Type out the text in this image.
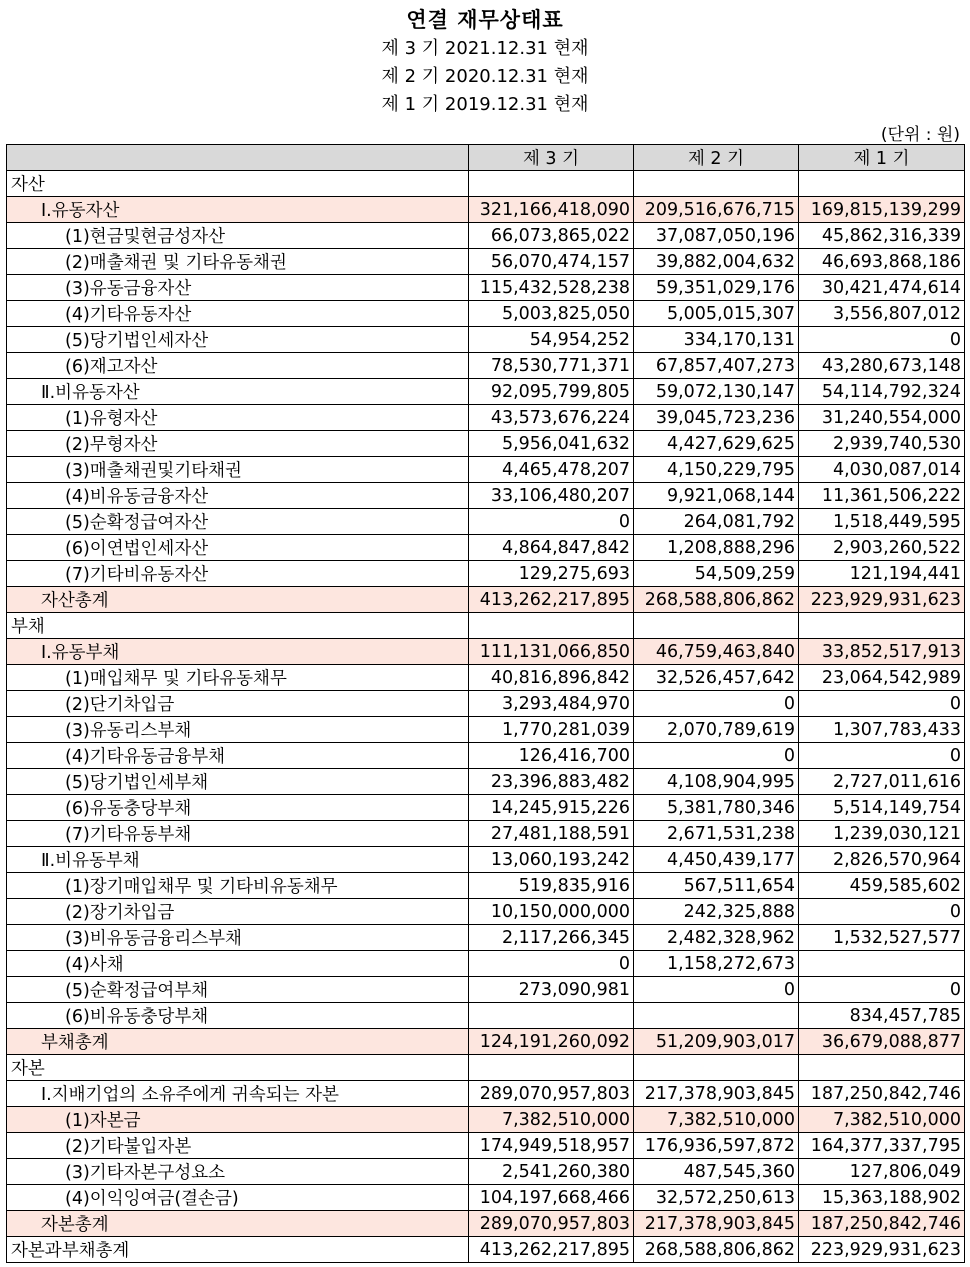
연결 재무상태표
제 3 기 2021.12.31 현재
제 2 기 2020.12.31 현재
제 1 기 2019.12.31 현재
(단위 : 원)
	제 3 기	제 2 기	제 1 기
자산			
Ⅰ.유동자산	321,166,418,090	209,516,676,715	169,815,139,299
(1)현금및현금성자산	66,073,865,022	37,087,050,196	45,862,316,339
(2)매출채권 및 기타유동채권	56,070,474,157	39,882,004,632	46,693,868,186
(3)유동금융자산	115,432,528,238	59,351,029,176	30,421,474,614
(4)기타유동자산	5,003,825,050	5,005,015,307	3,556,807,012
(5)당기법인세자산	54,954,252	334,170,131	0
(6)재고자산	78,530,771,371	67,857,407,273	43,280,673,148
Ⅱ.비유동자산	92,095,799,805	59,072,130,147	54,114,792,324
(1)유형자산	43,573,676,224	39,045,723,236	31,240,554,000
(2)무형자산	5,956,041,632	4,427,629,625	2,939,740,530
(3)매출채권및기타채권	4,465,478,207	4,150,229,795	4,030,087,014
(4)비유동금융자산	33,106,480,207	9,921,068,144	11,361,506,222
(5)순확정급여자산	0	264,081,792	1,518,449,595
(6)이연법인세자산	4,864,847,842	1,208,888,296	2,903,260,522
(7)기타비유동자산	129,275,693	54,509,259	121,194,441
자산총계	413,262,217,895	268,588,806,862	223,929,931,623
부채			
Ⅰ.유동부채	111,131,066,850	46,759,463,840	33,852,517,913
(1)매입채무 및 기타유동채무	40,816,896,842	32,526,457,642	23,064,542,989
(2)단기차입금	3,293,484,970	0	0
(3)유동리스부채	1,770,281,039	2,070,789,619	1,307,783,433
(4)기타유동금융부채	126,416,700	0	0
(5)당기법인세부채	23,396,883,482	4,108,904,995	2,727,011,616
(6)유동충당부채	14,245,915,226	5,381,780,346	5,514,149,754
(7)기타유동부채	27,481,188,591	2,671,531,238	1,239,030,121
Ⅱ.비유동부채	13,060,193,242	4,450,439,177	2,826,570,964
(1)장기매입채무 및 기타비유동채무	519,835,916	567,511,654	459,585,602
(2)장기차입금	10,150,000,000	242,325,888	0
(3)비유동금융리스부채	2,117,266,345	2,482,328,962	1,532,527,577
(4)사채	0	1,158,272,673	
(5)순확정급여부채	273,090,981	0	0
(6)비유동충당부채			834,457,785
부채총계	124,191,260,092	51,209,903,017	36,679,088,877
자본			
Ⅰ.지배기업의 소유주에게 귀속되는 자본	289,070,957,803	217,378,903,845	187,250,842,746
(1)자본금	7,382,510,000	7,382,510,000	7,382,510,000
(2)기타불입자본	174,949,518,957	176,936,597,872	164,377,337,795
(3)기타자본구성요소	2,541,260,380	487,545,360	127,806,049
(4)이익잉여금(결손금)	104,197,668,466	32,572,250,613	15,363,188,902
자본총계	289,070,957,803	217,378,903,845	187,250,842,746
자본과부채총계	413,262,217,895	268,588,806,862	223,929,931,623
